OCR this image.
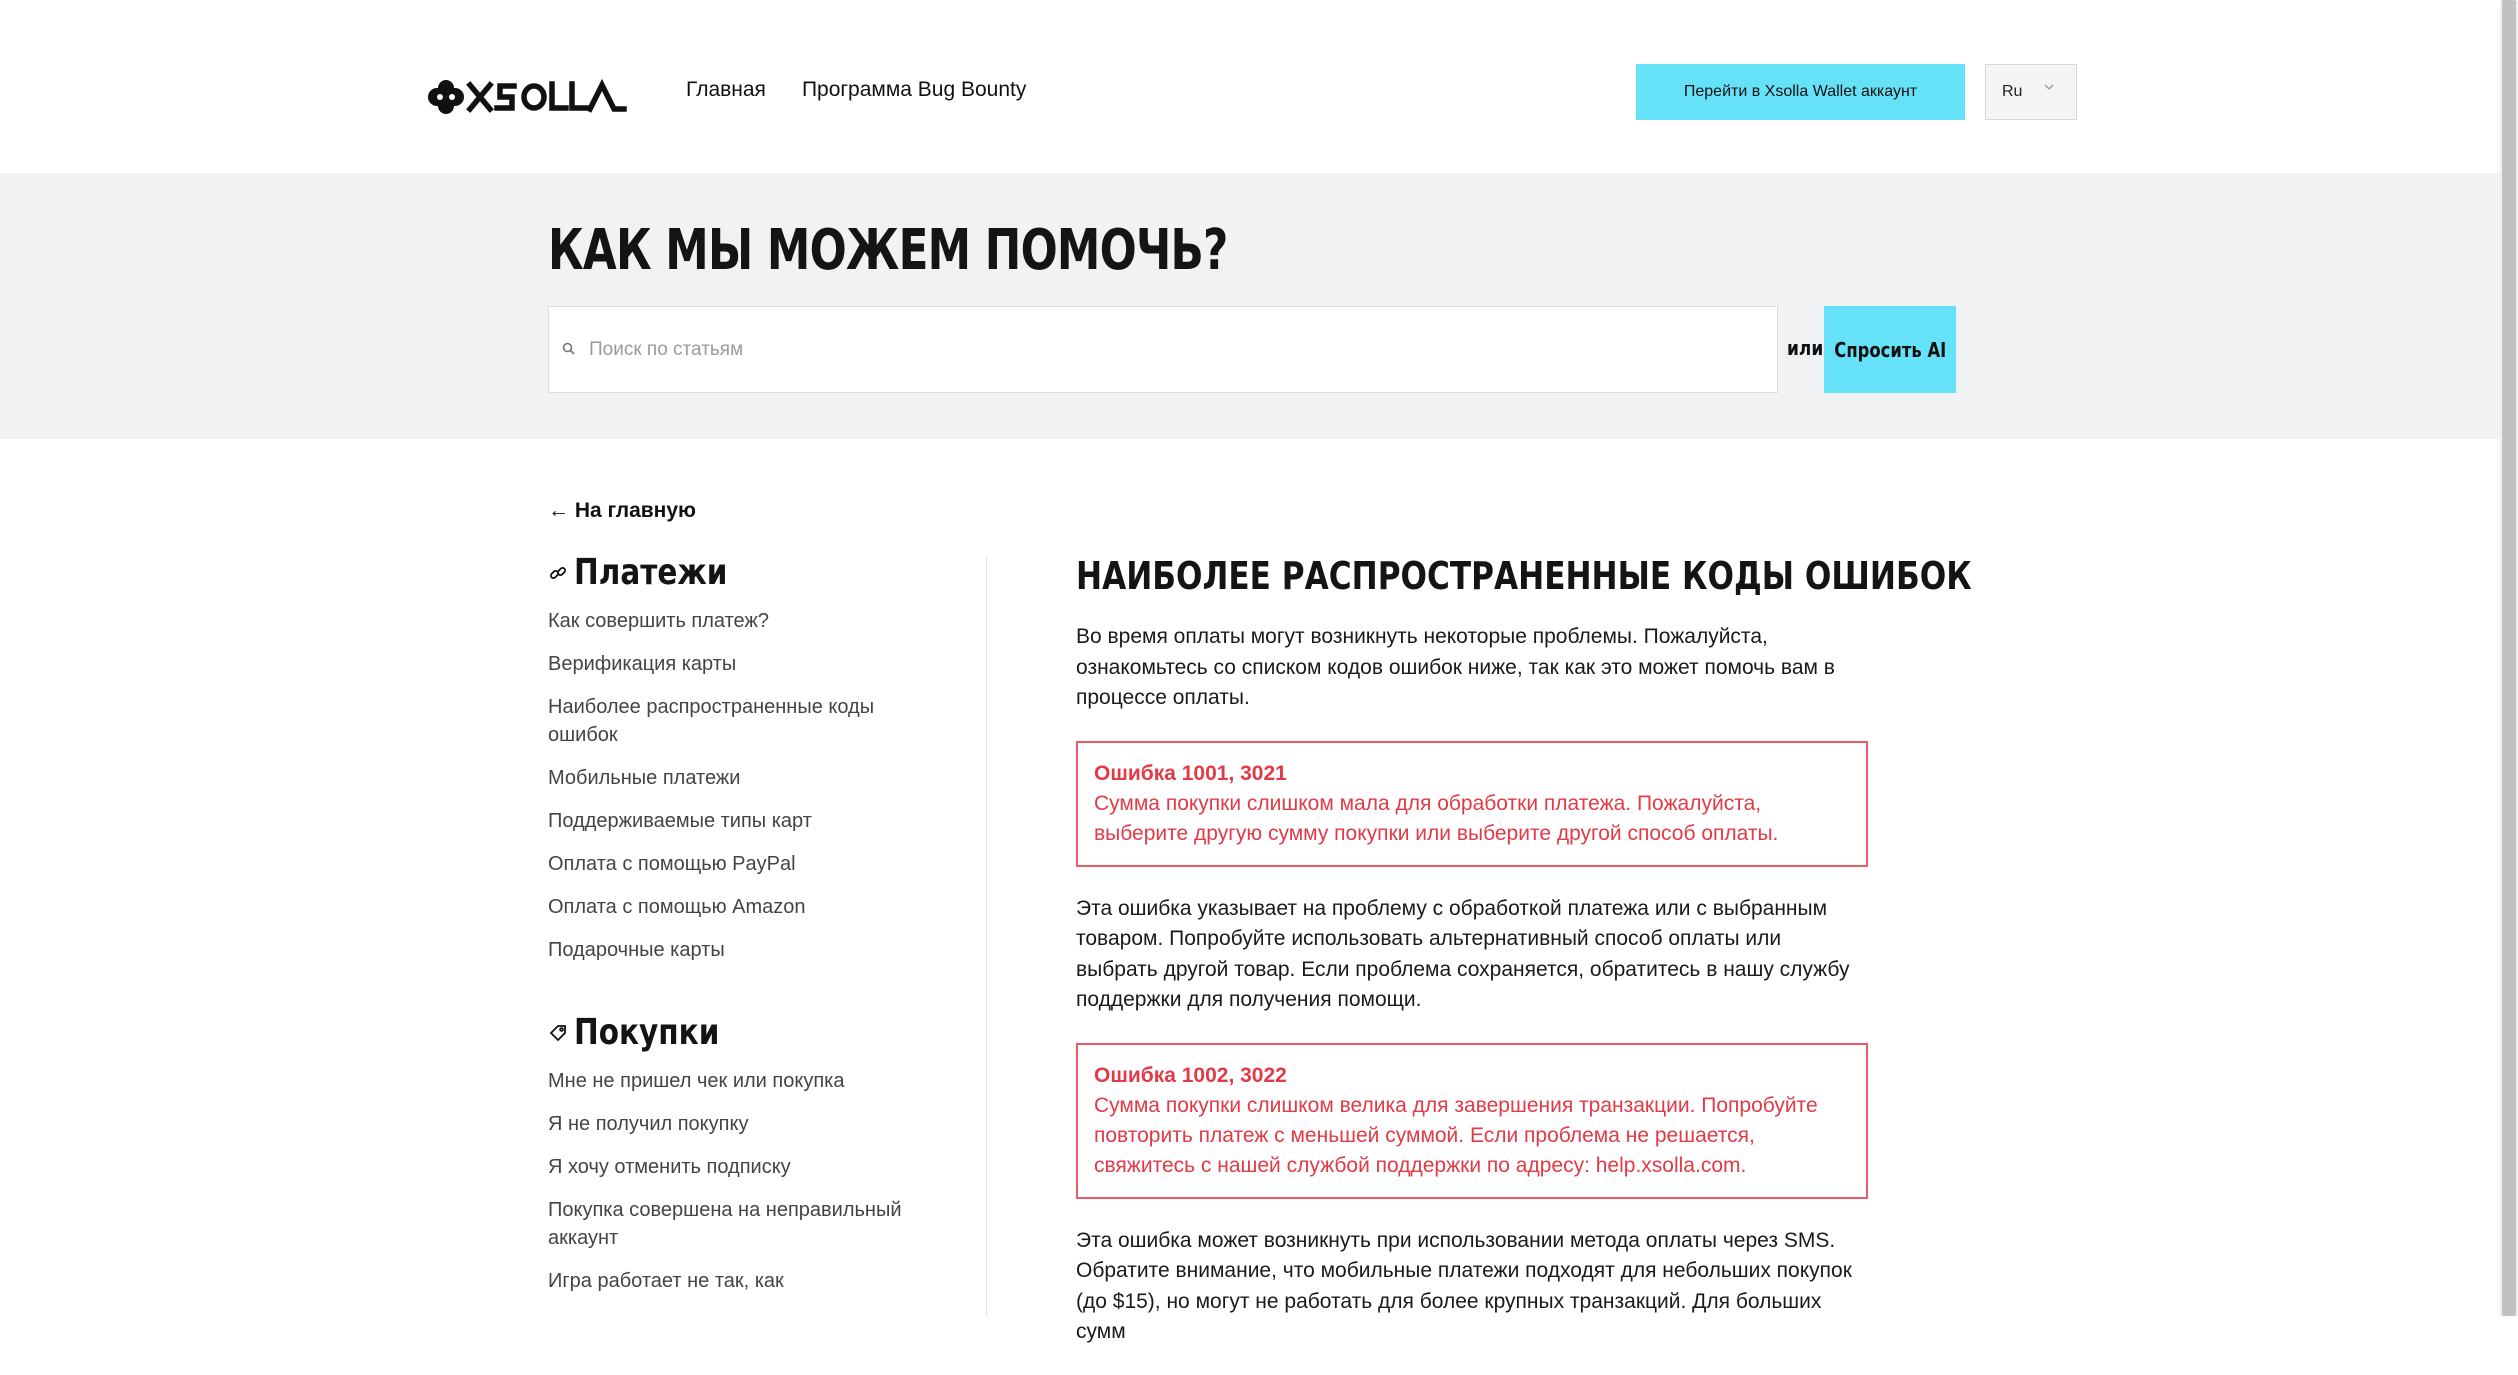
Главная Программа Bug Bounty	Перейти в Xsolla Wallet аккаунт	Ru
КАК МЫ МОЖЕМ ПОМОЧЬ?
Поиск по статьям
или Спросить AI
← На главную
Платежи
Как совершить платеж?
Верификация карты
Наиболее распространенные коды ошибок
Мобильные платежи
Поддерживаемые типы карт
Оплата с помощью PayPal
Оплата с помощью Amazon
Подарочные карты
Покупки
Мне не пришел чек или покупка
Я не получил покупку
Я хочу отменить подписку
Покупка совершена на неправильный аккаунт
Игра работает не так, как
НАИБОЛЕЕ РАСПРОСТРАНЕННЫЕ КОДЫ ОШИБОК

Во время оплаты могут возникнуть некоторые проблемы. Пожалуйста, ознакомьтесь со списком кодов ошибок ниже, так как это может помочь вам в процессе оплаты.

Ошибка 1001, 3021
Сумма покупки слишком мала для обработки платежа. Пожалуйста, выберите другую сумму покупки или выберите другой способ оплаты.

Эта ошибка указывает на проблему с обработкой платежа или с выбранным товаром. Попробуйте использовать альтернативный способ оплаты или выбрать другой товар. Если проблема сохраняется, обратитесь в нашу службу поддержки для получения помощи.

Ошибка 1002, 3022
Сумма покупки слишком велика для завершения транзакции. Попробуйте повторить платеж с меньшей суммой. Если проблема не решается, свяжитесь с нашей службой поддержки по адресу: help.xsolla.com.

Эта ошибка может возникнуть при использовании метода оплаты через SMS. Обратите внимание, что мобильные платежи подходят для небольших покупок (до $15), но могут не работать для более крупных транзакций. Для больших сумм
